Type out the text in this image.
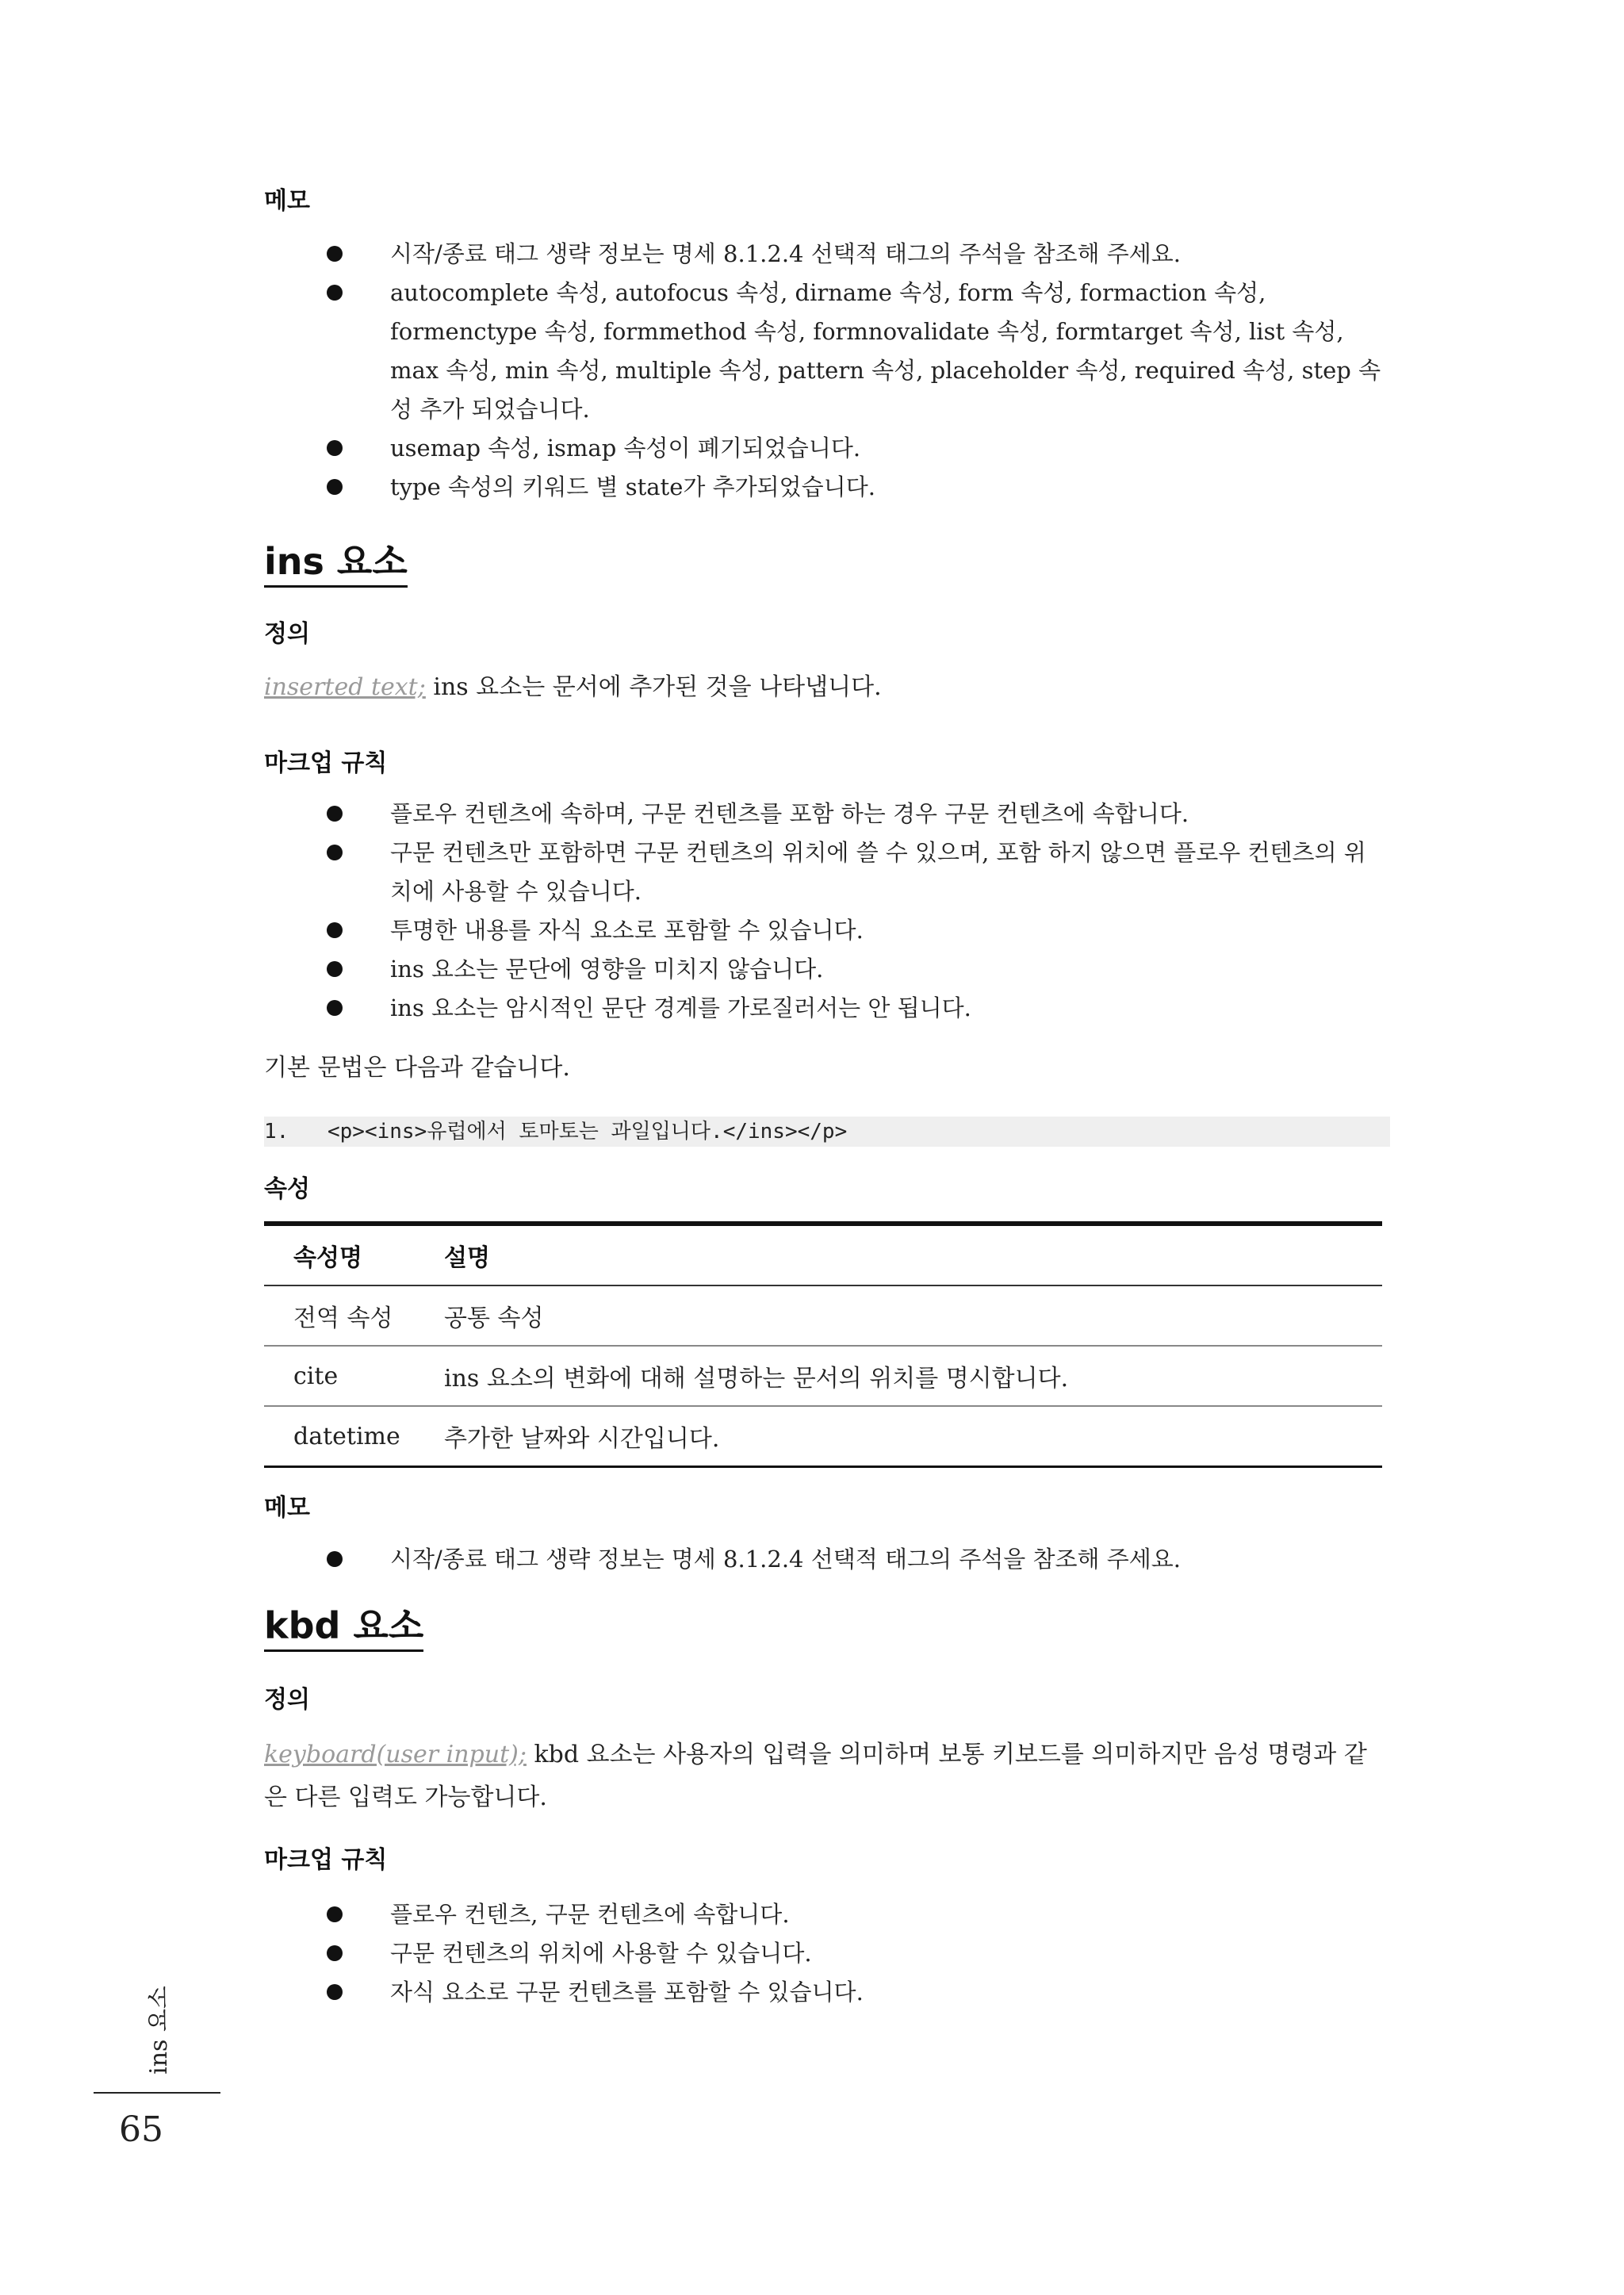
메모
시작/종료 태그 생략 정보는 명세 8.1.2.4 선택적 태그의 주석을 참조해 주세요.
autocomplete 속성, autofocus 속성, dirname 속성, form 속성, formaction 속성, formenctype 속성, formmethod 속성, formnovalidate 속성, formtarget 속성, list 속성, max 속성, min 속성, multiple 속성, pattern 속성, placeholder 속성, required 속성, step 속성 추가 되었습니다.
usemap 속성, ismap 속성이 폐기되었습니다.
type 속성의 키워드 별 state가 추가되었습니다.
ins 요소
정의

inserted text; ins 요소는 문서에 추가된 것을 나타냅니다.

마크업 규칙
플로우 컨텐츠에 속하며, 구문 컨텐츠를 포함 하는 경우 구문 컨텐츠에 속합니다.
구문 컨텐츠만 포함하면 구문 컨텐츠의 위치에 쓸 수 있으며, 포함 하지 않으면 플로우 컨텐츠의 위치에 사용할 수 있습니다.
투명한 내용를 자식 요소로 포함할 수 있습니다.
ins 요소는 문단에 영향을 미치지 않습니다.
ins 요소는 암시적인 문단 경계를 가로질러서는 안 됩니다.

기본 문법은 다음과 같습니다.

1. <p><ins>유럽에서 토마토는 과일입니다.</ins></p>
속성
속성명	설명
전역 속성	공통 속성
cite	ins 요소의 변화에 대해 설명하는 문서의 위치를 명시합니다.
datetime	추가한 날짜와 시간입니다.
메모
시작/종료 태그 생략 정보는 명세 8.1.2.4 선택적 태그의 주석을 참조해 주세요.
kbd 요소
정의

keyboard(user input); kbd 요소는 사용자의 입력을 의미하며 보통 키보드를 의미하지만 음성 명령과 같은 다른 입력도 가능합니다.

마크업 규칙
플로우 컨텐츠, 구문 컨텐츠에 속합니다.
구문 컨텐츠의 위치에 사용할 수 있습니다.
자식 요소로 구문 컨텐츠를 포함할 수 있습니다.
ins 요소
65
